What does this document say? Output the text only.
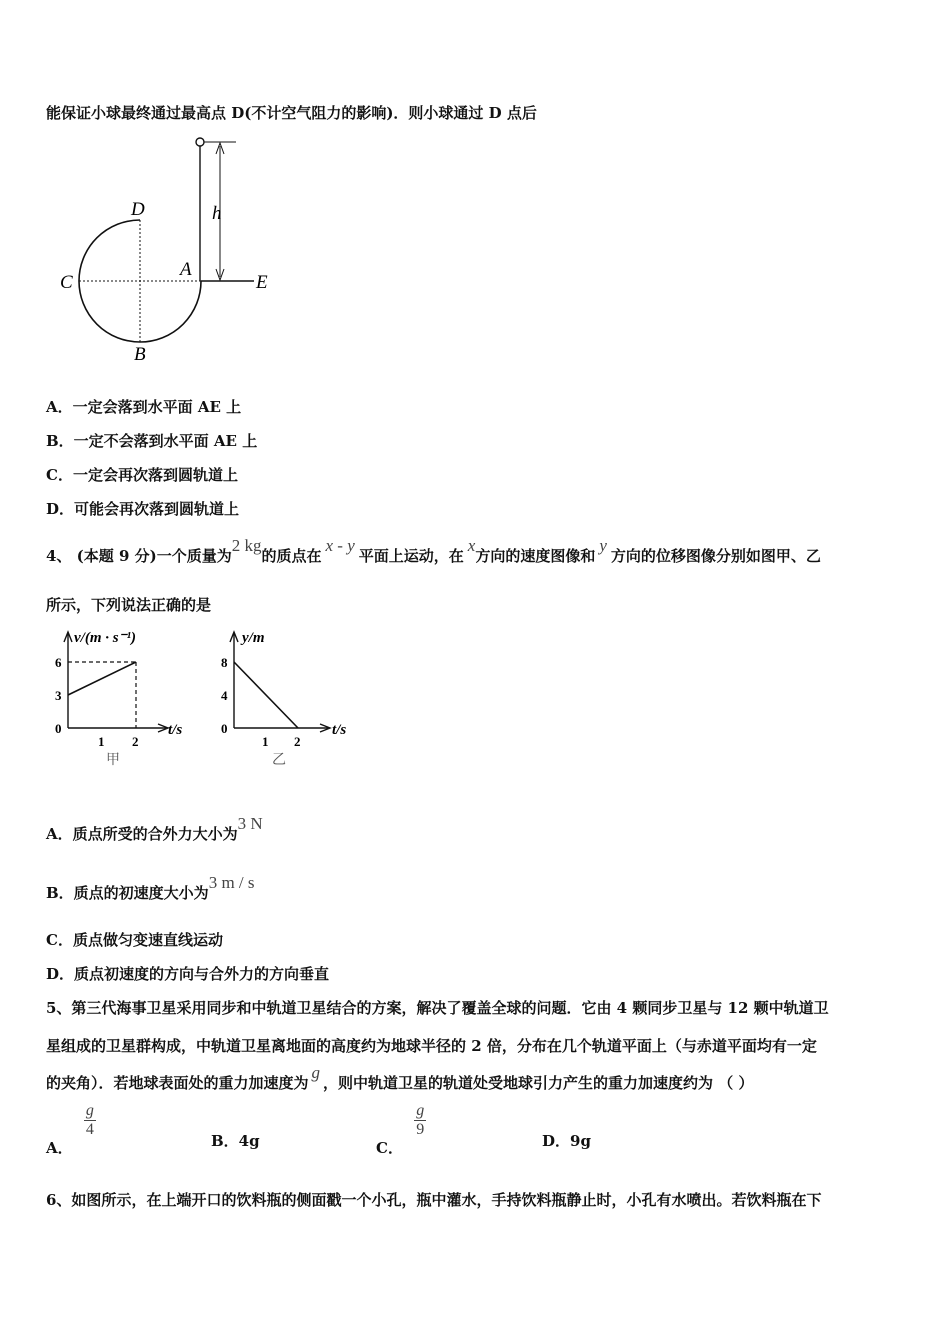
能保证小球最终通过最高点 D(不计空气阻力的影响)．则小球通过 D 点后
h
D
C
A
E
B
A．一定会落到水平面 AE 上
B．一定不会落到水平面 AE 上
C．一定会再次落到圆轨道上
D．可能会再次落到圆轨道上
4、 (本题 9 分)一个质量为2 kg的质点在x - y平面上运动，在x方向的速度图像和y方向的位移图像分别如图甲、乙
所示，下列说法正确的是
v/(m · s⁻¹)
t/s
6
3
0
1 2
甲
y/m
t/s
8
4
0
1 2
乙
A．质点所受的合外力大小为3 N
B．质点的初速度大小为3 m / s
C．质点做匀变速直线运动
D．质点初速度的方向与合外力的方向垂直
5、第三代海事卫星采用同步和中轨道卫星结合的方案，解决了覆盖全球的问题．它由 4 颗同步卫星与 12 颗中轨道卫
星组成的卫星群构成，中轨道卫星离地面的高度约为地球半径的 2 倍，分布在几个轨道平面上（与赤道平面均有一定
的夹角）．若地球表面处的重力加速度为g，则中轨道卫星的轨道处受地球引力产生的重力加速度约为 （ ）
A．
$\frac{g}{4}$
B．4g	C．
$\frac{g}{9}$
D．9g
6、如图所示，在上端开口的饮料瓶的侧面戳一个小孔，瓶中灌水，手持饮料瓶静止时，小孔有水喷出。若饮料瓶在下
